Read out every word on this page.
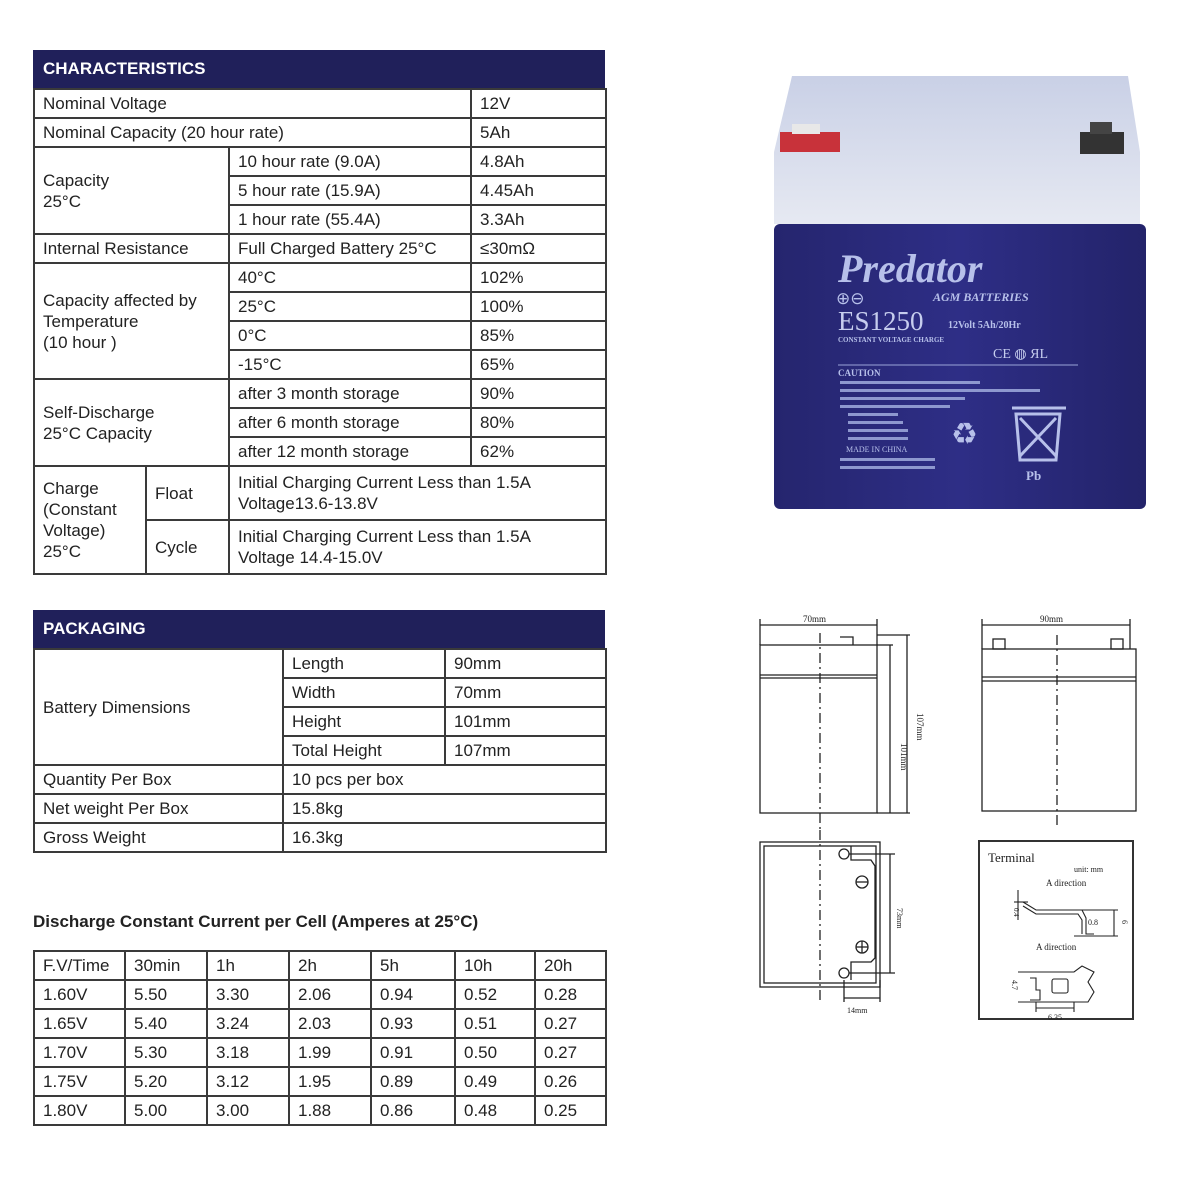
CHARACTERISTICS
Nominal Voltage			12V
Nominal Capacity (20 hour rate)			5Ah
Capacity
25°C		10 hour rate (9.0A)	4.8Ah
		5 hour rate (15.9A)	4.45Ah
		1 hour rate (55.4A)	3.3Ah
Internal Resistance		Full Charged Battery 25°C	≤30mΩ
Capacity affected by
Temperature
(10 hour )		40°C	102%
		25°C	100%
		0°C	85%
		-15°C	65%
Self-Discharge
25°C Capacity		after 3 month storage	90%
		after 6 month storage	80%
		after 12 month storage	62%
Charge
(Constant
Voltage)
25°C	Float	Initial Charging Current Less than 1.5A
Voltage13.6-13.8V	
	Cycle	Initial Charging Current Less than 1.5A
Voltage 14.4-15.0V	
PACKAGING
Battery Dimensions	Length	90mm
	Width	70mm
	Height	101mm
	Total Height	107mm
Quantity Per Box	10 pcs per box	
Net weight Per Box	15.8kg	
Gross Weight	16.3kg	
Discharge Constant Current per Cell (Amperes at 25°C)
F.V/Time	30min	1h	2h	5h	10h	20h
1.60V	5.50	3.30	2.06	0.94	0.52	0.28
1.65V	5.40	3.24	2.03	0.93	0.51	0.27
1.70V	5.30	3.18	1.99	0.91	0.50	0.27
1.75V	5.20	3.12	1.95	0.89	0.49	0.26
1.80V	5.00	3.00	1.88	0.86	0.48	0.25
Predator
⊕⊖	AGM BATTERIES
ES1250 12Volt 5Ah/20Hr
CONSTANT VOLTAGE CHARGE
CE ◍ ЯL
CAUTION
MADE IN CHINA ♻
Pb
70mm
101mm
107mm
90mm
73mm
14mm
Terminal
unit: mm
A direction
0.4
0.8	6
A direction
4.7
6.35
